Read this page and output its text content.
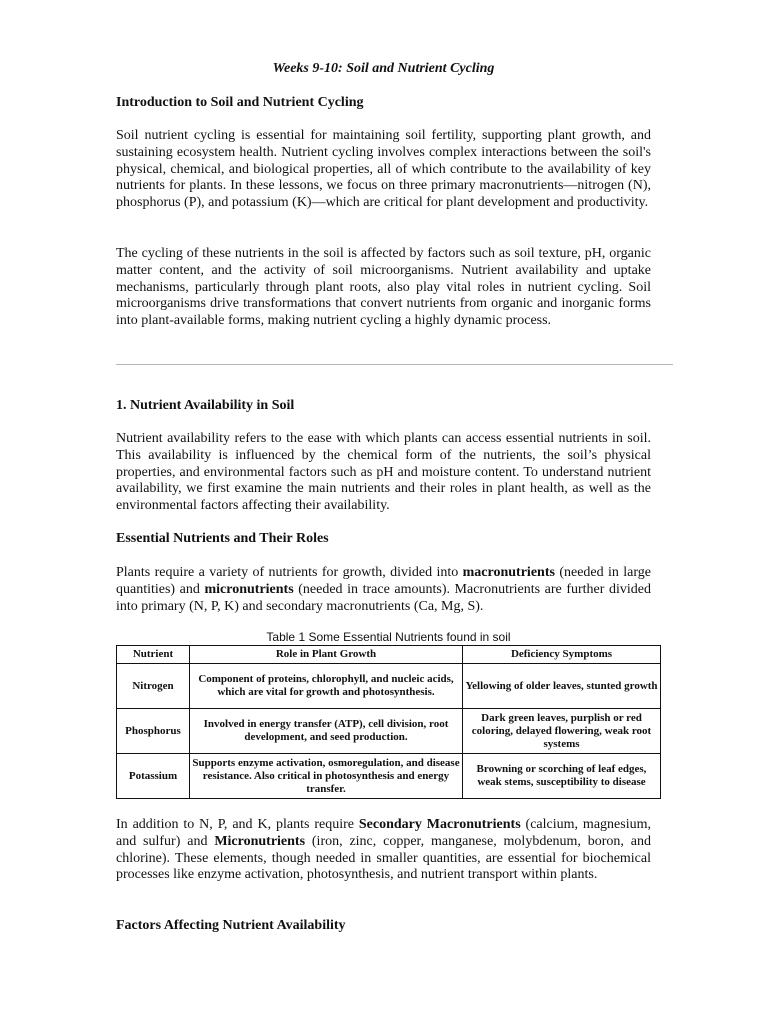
Weeks 9-10: Soil and Nutrient Cycling
Introduction to Soil and Nutrient Cycling
Soil nutrient cycling is essential for maintaining soil fertility, supporting plant growth, and sustaining ecosystem health. Nutrient cycling involves complex interactions between the soil's physical, chemical, and biological properties, all of which contribute to the availability of key nutrients for plants. In these lessons, we focus on three primary macronutrients—nitrogen (N), phosphorus (P), and potassium (K)—which are critical for plant development and productivity.
The cycling of these nutrients in the soil is affected by factors such as soil texture, pH, organic matter content, and the activity of soil microorganisms. Nutrient availability and uptake mechanisms, particularly through plant roots, also play vital roles in nutrient cycling. Soil microorganisms drive transformations that convert nutrients from organic and inorganic forms into plant-available forms, making nutrient cycling a highly dynamic process.
1. Nutrient Availability in Soil
Nutrient availability refers to the ease with which plants can access essential nutrients in soil. This availability is influenced by the chemical form of the nutrients, the soil’s physical properties, and environmental factors such as pH and moisture content. To understand nutrient availability, we first examine the main nutrients and their roles in plant health, as well as the environmental factors affecting their availability.
Essential Nutrients and Their Roles
Plants require a variety of nutrients for growth, divided into macronutrients (needed in large quantities) and micronutrients (needed in trace amounts). Macronutrients are further divided into primary (N, P, K) and secondary macronutrients (Ca, Mg, S).
Table 1 Some Essential Nutrients found in soil
Nutrient	Role in Plant Growth	Deficiency Symptoms
Nitrogen	Component of proteins, chlorophyll, and nucleic acids, which are vital for growth and photosynthesis.	Yellowing of older leaves, stunted growth
Phosphorus	Involved in energy transfer (ATP), cell division, root development, and seed production.	Dark green leaves, purplish or red coloring, delayed flowering, weak root systems
Potassium	Supports enzyme activation, osmoregulation, and disease resistance. Also critical in photosynthesis and energy transfer.	Browning or scorching of leaf edges, weak stems, susceptibility to disease
In addition to N, P, and K, plants require Secondary Macronutrients (calcium, magnesium, and sulfur) and Micronutrients (iron, zinc, copper, manganese, molybdenum, boron, and chlorine). These elements, though needed in smaller quantities, are essential for biochemical processes like enzyme activation, photosynthesis, and nutrient transport within plants.
Factors Affecting Nutrient Availability
